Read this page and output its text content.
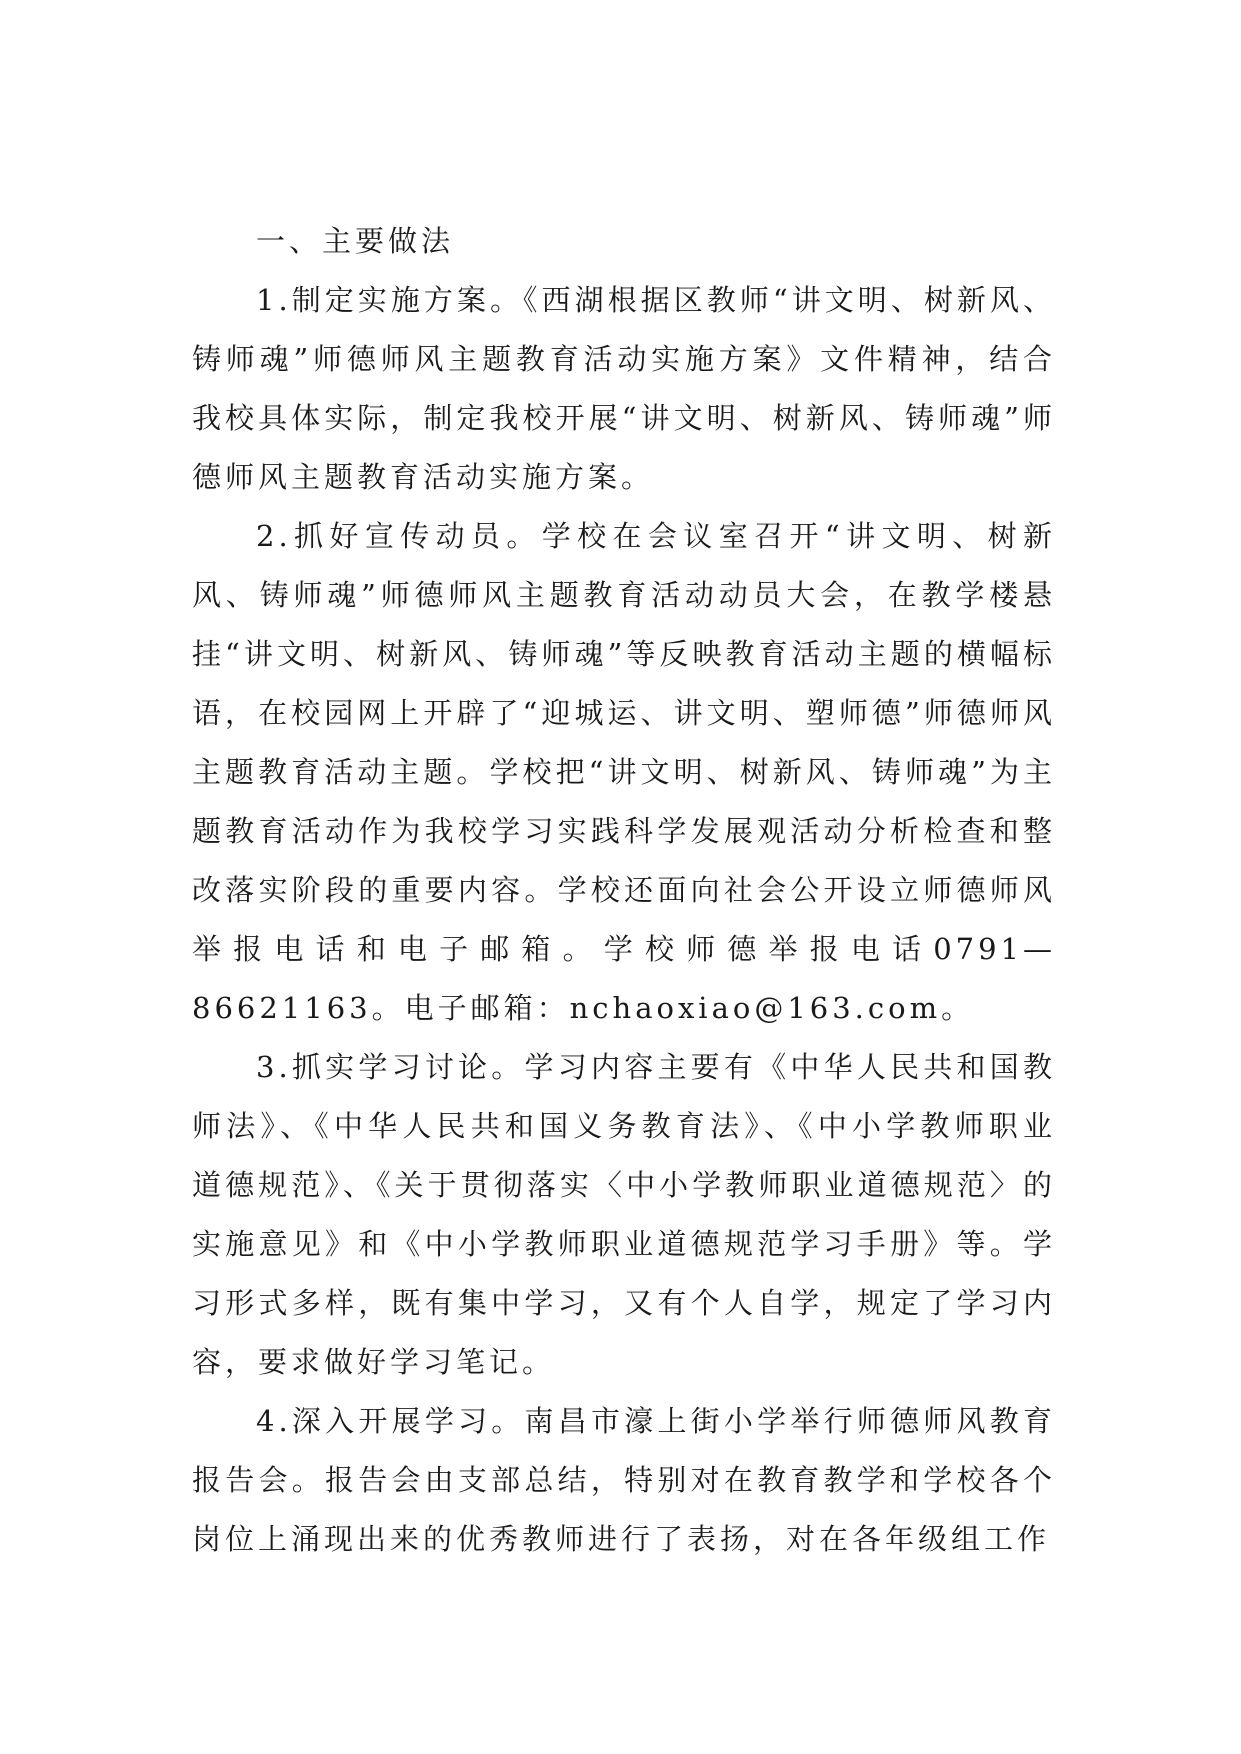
一、主要做法

1.制定实施方案。《西湖根据区教师“讲文明、树新风、铸师魂”师德师风主题教育活动实施方案》文件精神，结合我校具体实际，制定我校开展“讲文明、树新风、铸师魂”师德师风主题教育活动实施方案。

2.抓好宣传动员。学校在会议室召开“讲文明、树新风、铸师魂”师德师风主题教育活动动员大会，在教学楼悬挂“讲文明、树新风、铸师魂”等反映教育活动主题的横幅标语，在校园网上开辟了“迎城运、讲文明、塑师德”师德师风主题教育活动主题。学校把“讲文明、树新风、铸师魂”为主题教育活动作为我校学习实践科学发展观活动分析检查和整改落实阶段的重要内容。学校还面向社会公开设立师德师风举报电话和电子邮箱。学校师德举报电话0791—86621163。电子邮箱：nchaoxiao@163.com。

3.抓实学习讨论。学习内容主要有《中华人民共和国教师法》、《中华人民共和国义务教育法》、《中小学教师职业道德规范》、《关于贯彻落实〈中小学教师职业道德规范〉的实施意见》和《中小学教师职业道德规范学习手册》等。学习形式多样，既有集中学习，又有个人自学，规定了学习内容，要求做好学习笔记。

4.深入开展学习。南昌市濠上街小学举行师德师风教育报告会。报告会由支部总结，特别对在教育教学和学校各个岗位上涌现出来的优秀教师进行了表扬，对在各年级组工作
